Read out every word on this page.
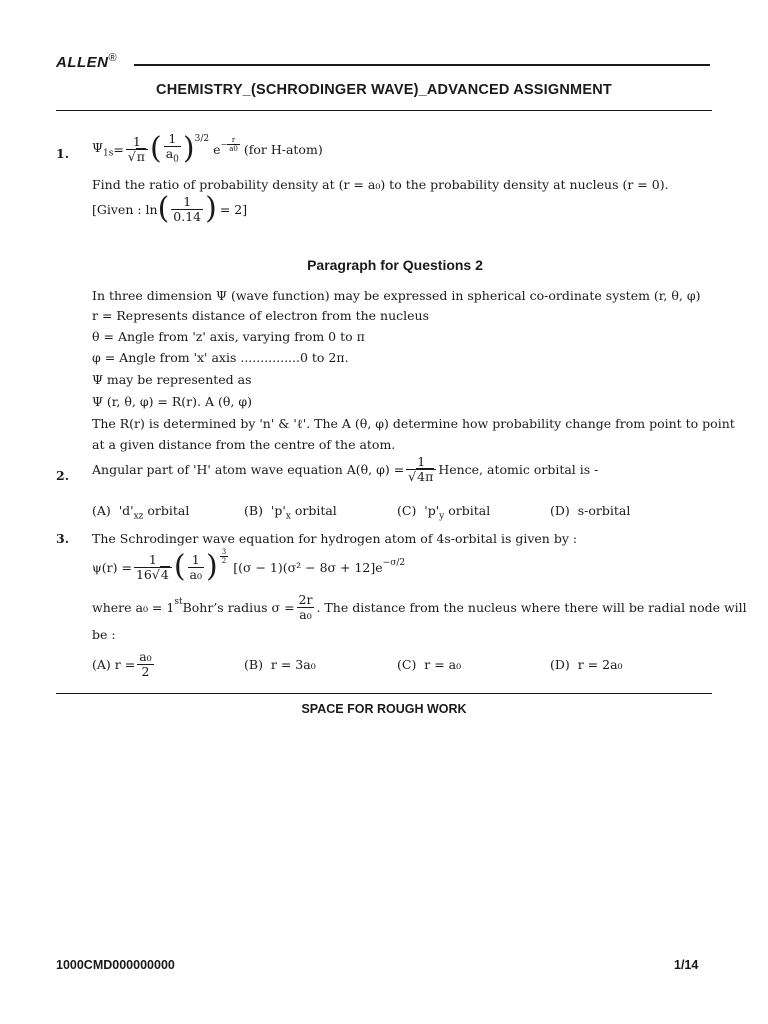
ALLEN®
CHEMISTRY_(SCHRODINGER WAVE)_ADVANCED ASSIGNMENT
1. $\Psi_{1s} = \frac{1}{√\pi}$ ( $\frac{1}{a_0} )^{3/2}$
$e - \frac{r}{a0} (for$ H-atom)
Find the ratio of probability density at (r = a₀) to the probability density at nucleus (r = 0).
[Given : ln ( $\frac{1}{0.14}$ ) = 2]
Paragraph for Questions 2
In three dimension Ψ (wave function) may be expressed in spherical co-ordinate system (r, θ, φ)
r = Represents distance of electron from the nucleus
θ = Angle from 'z' axis, varying from 0 to π
φ = Angle from 'x' axis ...............0 to 2π.
Ψ may be represented as
Ψ (r, θ, φ) = R(r). A (θ, φ)
The R(r) is determined by 'n' & 'ℓ'. The A (θ, φ) determine how probability change from point to point
at a given distance from the centre of the atom.
2. Angular part of 'H' atom wave equation A(θ, $\varphi) = \frac{1}{√4\pi}$ Hence, atomic orbital is -
(A) '$d'_{xz}$ orbital	(B) '$p'_x$ orbital	(C) '$p'_y$ orbital	(D) s-orbital
3. The Schrodinger wave equation for hydrogen atom of 4s-orbital is given by :
$\psi(r) = \frac{1}{16√4}$ ( $\frac{1}{\text{a₀}}$ ) $\frac{3}{2}$
[$(\sigma - 1)(\sigma^2 - 8\sigma + 12]e^{-\sigma/2}$
where a₀ = 1st Bohr’s radius $\sigma = \frac{2r}{\text{a₀}}$ . The distance from the nucleus where there will be radial node will
be :
(A)
$r = \frac{\text{a₀}}{2}$	(B) r = 3a₀	(C) r = a₀	(D) r = 2a₀
SPACE FOR ROUGH WORK
1000CMD000000000	1/14
